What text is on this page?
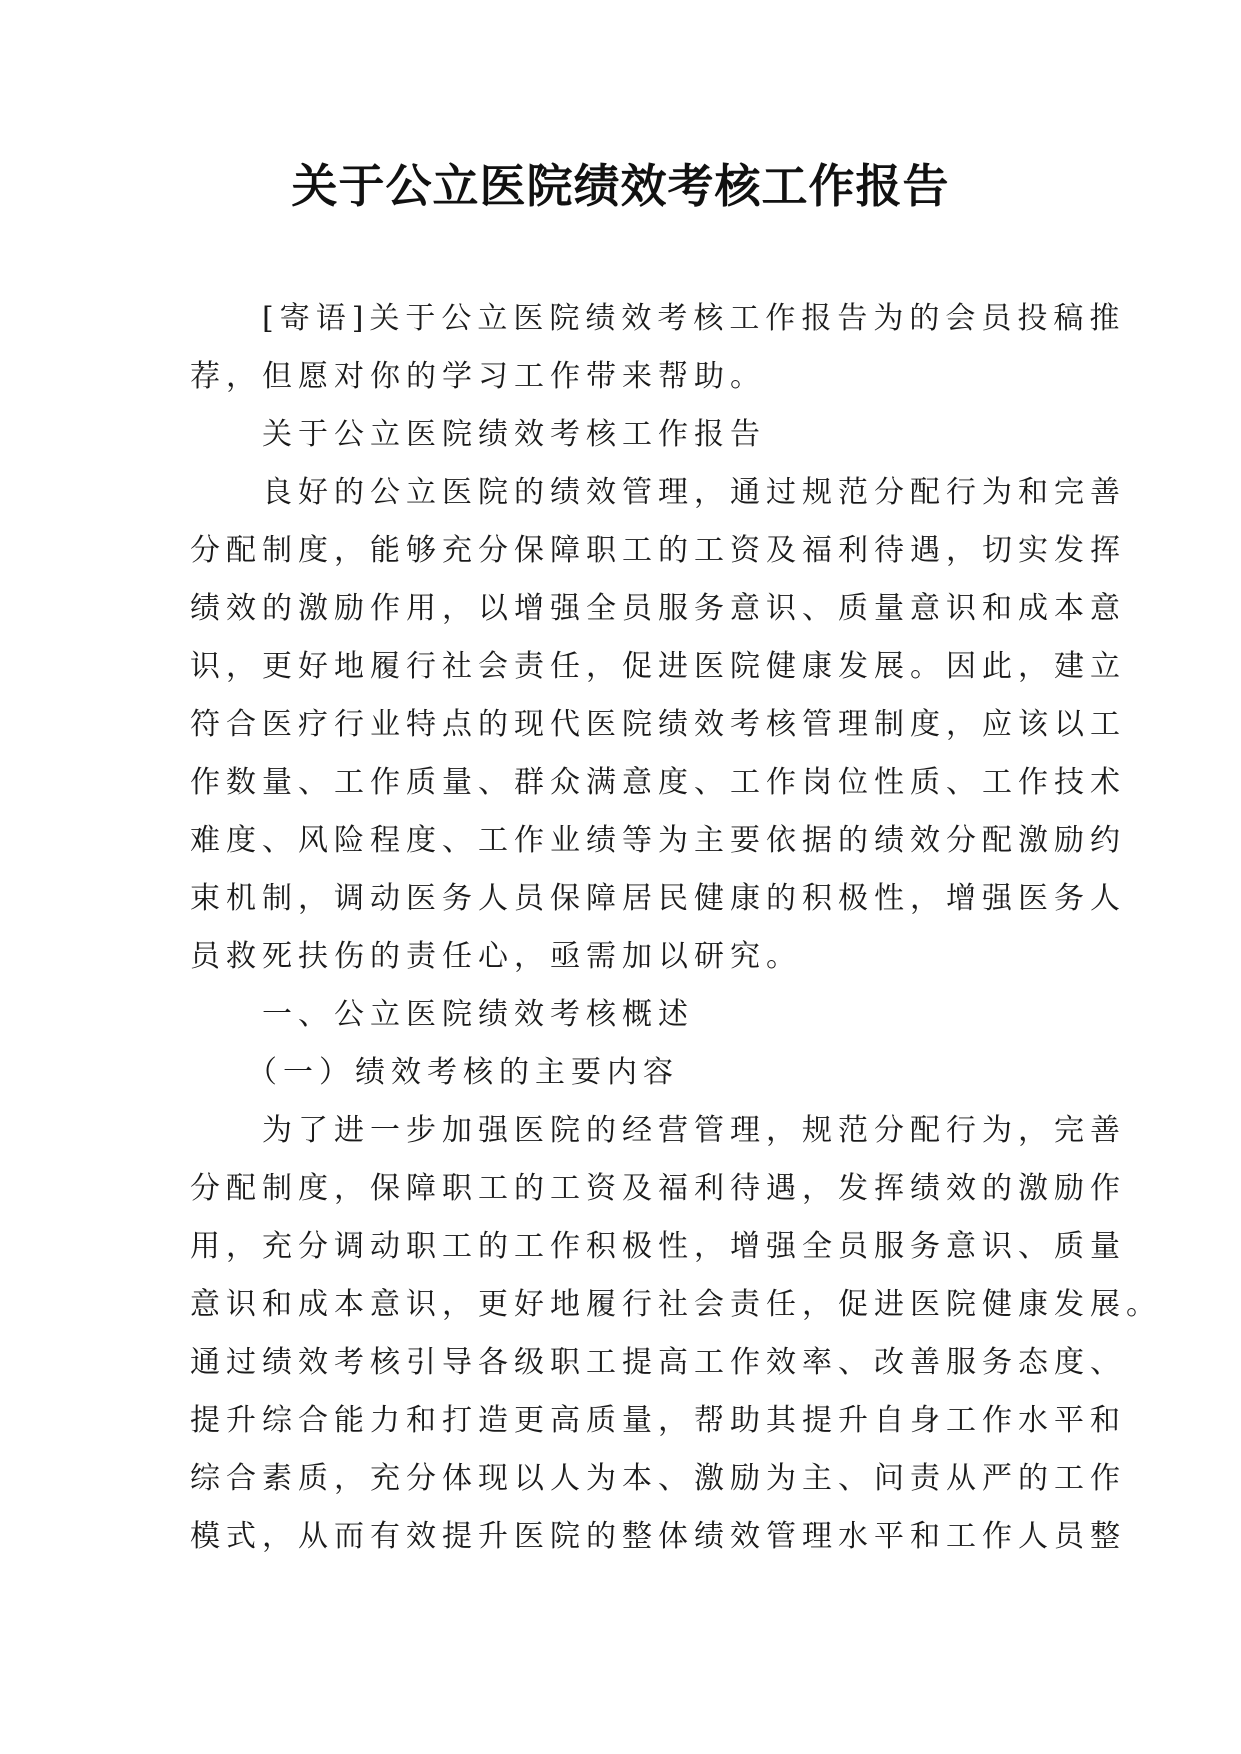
关于公立医院绩效考核工作报告
　　[寄语]关于公立医院绩效考核工作报告为的会员投稿推
荐，但愿对你的学习工作带来帮助。
　　关于公立医院绩效考核工作报告
　　良好的公立医院的绩效管理，通过规范分配行为和完善
分配制度，能够充分保障职工的工资及福利待遇，切实发挥
绩效的激励作用，以增强全员服务意识、质量意识和成本意
识，更好地履行社会责任，促进医院健康发展。因此，建立
符合医疗行业特点的现代医院绩效考核管理制度，应该以工
作数量、工作质量、群众满意度、工作岗位性质、工作技术
难度、风险程度、工作业绩等为主要依据的绩效分配激励约
束机制，调动医务人员保障居民健康的积极性，增强医务人
员救死扶伤的责任心，亟需加以研究。
　　一、公立医院绩效考核概述
　　（一）绩效考核的主要内容
　　为了进一步加强医院的经营管理，规范分配行为，完善
分配制度，保障职工的工资及福利待遇，发挥绩效的激励作
用，充分调动职工的工作积极性，增强全员服务意识、质量
意识和成本意识，更好地履行社会责任，促进医院健康发展。
通过绩效考核引导各级职工提高工作效率、改善服务态度、
提升综合能力和打造更高质量，帮助其提升自身工作水平和
综合素质，充分体现以人为本、激励为主、问责从严的工作
模式，从而有效提升医院的整体绩效管理水平和工作人员整
